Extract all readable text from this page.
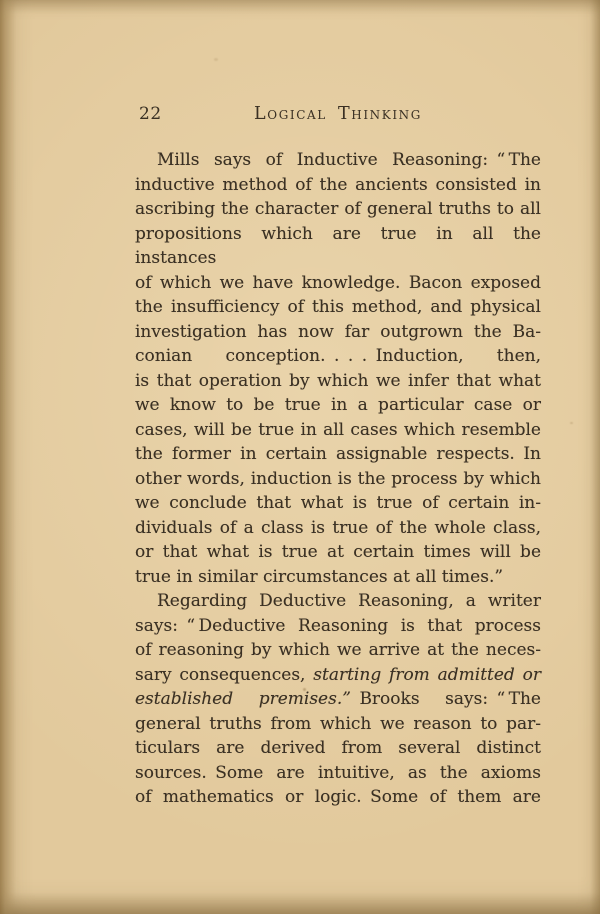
22	Logical Thinking
Mills says of Inductive Reasoning: “ The
inductive method of the ancients consisted in
ascribing the character of general truths to all
propositions which are true in all the instances
of which we have knowledge. Bacon exposed
the insufficiency of this method, and physical
investigation has now far outgrown the Ba-
conian conception. . . . Induction, then,
is that operation by which we infer that what
we know to be true in a particular case or
cases, will be true in all cases which resemble
the former in certain assignable respects. In
other words, induction is the process by which
we conclude that what is true of certain in-
dividuals of a class is true of the whole class,
or that what is true at certain times will be
true in similar circumstances at all times.”
Regarding Deductive Reasoning, a writer
says: “ Deductive Reasoning is that process
of reasoning by which we arrive at the neces-
sary consequences, starting from admitted or
established premises.” Brooks says: “ The
general truths from which we reason to par-
ticulars are derived from several distinct
sources. Some are intuitive, as the axioms
of mathematics or logic. Some of them are
